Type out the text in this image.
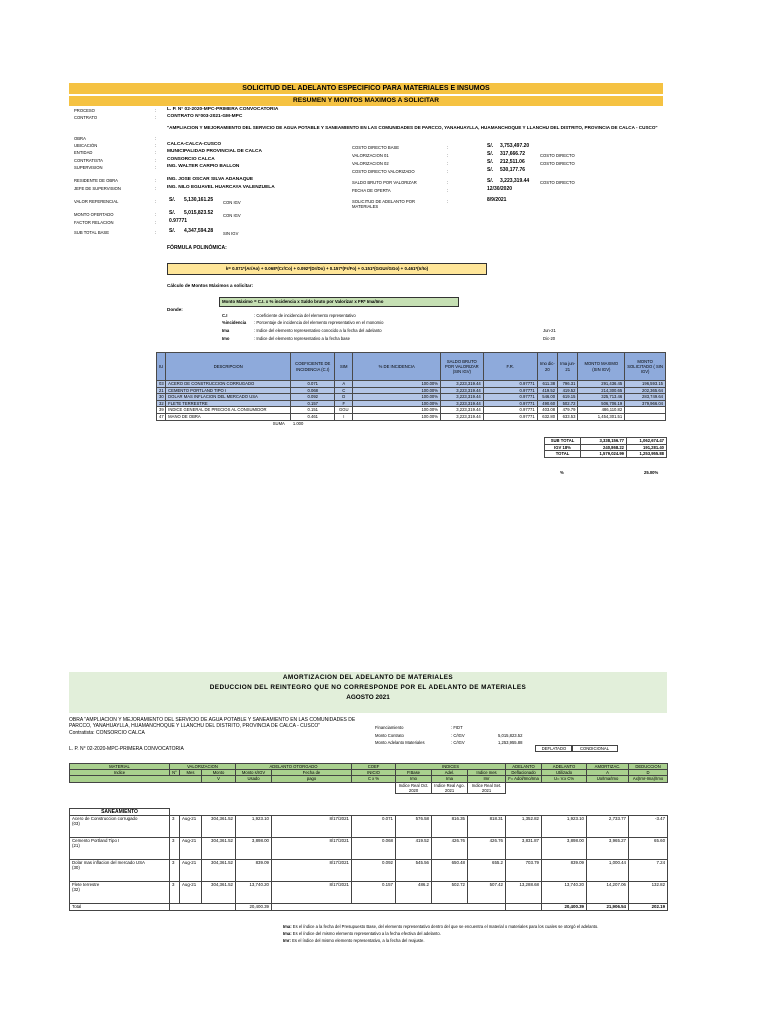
SOLICITUD DEL ADELANTO ESPECIFICO PARA MATERIALES E INSUMOS
RESUMEN Y MONTOS MAXIMOS A SOLICITAR
PROCESO	: L. P. N° 02-2020-MPC-PRIMERA CONVOCATORIA
CONTRATO	: CONTRATO N°003-2021-GM-MPC
OBRA	:
"AMPLIACION Y MEJORAMIENTO DEL SERVICIO DE AGUA POTABLE Y SANEAMIENTO EN LAS COMUNIDADES DE PARCCO, YANAHUAYLLA, HUAMANCHOQUE Y LLANCHU DEL DISTRITO, PROVINCIA DE CALCA - CUSCO"
UBICACIÓN	: CALCA-CALCA-CUSCO
ENTIDAD	: MUNICIPALIDAD PROVINCIAL DE CALCA
CONTRATISTA	: CONSORCIO CALCA
SUPERVISION	: ING. WALTER CARPIO BALLON
RESIDENTE DE OBRA	: ING. JOSE OSCAR SILVA ADANAQUE
JEFE DE SUPERVISION	: ING. NILO EGUAVEL HUARCAYA VALENZUELA
VALOR REFERENCIAL	:	S/. 5,130,161.25 CON IGV
MONTO OFERTADO	:	S/. 5,015,823.52 CON IGV
FACTOR RELACION	:	0.97771
SUB TOTAL BASE	:	S/. 4,347,594.28 SIN IGV
COSTO DIRECTO BASE	:	S/. 3,753,497.20
VALORIZACION 01	:	S/. 317,666.72	COSTO DIRECTO
VALORIZACION 02	:	S/. 212,511.06	COSTO DIRECTO
COSTO DIRECTO VALORIZADO	:	S/. 530,177.76
SALDO BRUTO POR VALORIZAR	:	S/. 3,223,319.44	COSTO DIRECTO
FECHA DE OFERTA	:	12/30/2020
SOLICITUD DE ADELANTO POR MATERIALES
:	8/9/2021
FÓRMULA POLINÓMICA:
k= 0.071*(Ar/Ao) + 0.068*(Cr/Co) + 0.092*(Dr/Do) + 0.157*(Fr/Fo) + 0.151*(GGUr/GGo) + 0.461*(Ir/Io)
Cálculo de Montos Máximos a solicitar:
Monto Máximo = C.I. x % incidencia x Saldo bruto por Valorizar x FR* Ima/Imo
Donde:
C.I	: Coeficiente de incidencia del elemento representativo
%incidencia : Porcentaje de incidencia del elemento representativo en el monomio
Ima	: Indice del elemento representativo conocido a la fecha del adelanto	Jun-21
Imo	: Indice del elemento representativo a la fecha base	Dic-20
IU	DESCRIPCION	COEFICIENTE DE INCIDENCIA (C.I)	SIM	% DE INCIDENCIA	SALDO BRUTO POR VALORIZAR (SIN IGV)	F.R.	Imo dic-20	Ima jun-21	MONTO MAXIMO (SIN IGV)	MONTO SOLICITADO ( SIN IGV)
03	ACERO DE CONSTRUCCION CORRUGADO	0.071	A	100.00%	3,223,319.44	0.97771	611.38	796.31	291,436.45	196,593.15
21	CEMENTO PORTLAND TIPO I	0.068	C	100.00%	3,223,319.44	0.97771	419.52	419.52	214,300.65	202,365.64
30	DOLAR MAS INFLACION DEL MERCADO USA	0.092	D	100.00%	3,223,319.44	0.97771	546.00	619.15	325,713.46	283,749.64
32	FLETE TERRESTRE	0.157	F	100.00%	3,223,319.44	0.97771	490.60	502.72	506,706.19	379,966.04
39	INDICE GENERAL DE PRECIOS AL CONSUMIDOR	0.151	GGU	100.00%	3,223,319.44	0.97771	403.08	479.79	486,110.82	
47	MANO DE OBRA	0.461	I	100.00%	3,223,319.44	0.97771	632.80	633.53	1,454,301.51	
	SUMA	1.000								
SUB TOTAL	3,338,156.77	1,062,674.47
IGV 18%	240,868.22	191,281.40
TOTAL	1,579,024.99	1,253,955.88
%	25.00%
AMORTIZACION DEL ADELANTO DE MATERIALES
DEDUCCION DEL REINTEGRO QUE NO CORRESPONDE POR EL ADELANTO DE MATERIALES
AGOSTO 2021
OBRA "AMPLIACION Y MEJORAMIENTO DEL SERVICIO DE AGUA POTABLE Y SANEAMIENTO EN LAS COMUNIDADES DE PARCCO, YANAHUAYLLA, HUAMANCHOQUE Y LLANCHU DEL DISTRITO, PROVINCIA DE CALCA - CUSCO"
Contratista: CONSORCIO CALCA
L. P. N° 02-2020-MPC-PRIMERA CONVOCATORIA
Financiamiento	: FIDT
Monto Contrato	: C/IGV	5,015,823.52
Monto Adelanto Materiales	: C/IGV	1,253,955.88
DEFLATADO	CONDICIONAL
MATERIAL	VALORIZACION			ADELANTO OTORGADO		COEF	INDICES			ADELANTO	ADELANTO	AMORTIZAC.	DEDUCCION
Indice	N°	Mes	Monto	Monto s/IGV	Fecha de	INICIO	P.Base	Adel.	Indice mes	Deflacionado	Utilizado	A	D
			V	Usado	pago	C x %	Imo	Ima	Imr	F= Adol/Imo/Ima	U= V.x C%	Uo/Ima/Imo	Ax(Imr-Ima)/Imo
							Indice Real Oct. 2020	Indice Real Ago. 2021	Indice Real Set. 2021				
SANEAMIENTO													

Acero de Construccion corrugado
(03)	3	Aug-21	304,361.52	1,923.10	8/17/2021	0.071	576.58	816.35	818.31	1,352.82	1,923.10	2,733.77	-3.47

Cemento Portland Tipo I
(21)	3	Aug-21	304,361.52	3,898.00	8/17/2021	0.068	419.52	426.76	426.76	3,831.87	3,898.00	3,965.27	65.60

Dolar mas inflacion del mercado USA
(30)	3	Aug-21	304,361.52	839.09	8/17/2021	0.092	545.56	650.48	655.2	703.79	839.09	1,000.44	7.24

Flete terrestre
(32)	3	Aug-21	304,361.52	13,740.20	8/17/2021	0.157	486.2	502.72	507.42	13,288.68	13,740.20	14,207.06	132.82
Total				20,400.39							20,400.39	21,906.54	202.19
Ima: Es el índice a la fecha del Presupuesto Base, del elemento representativo dentro del que se encuentra el material o materiales para los cuales se otorgó el adelanto.
Ima: Es el índice del mismo elemento representativo a la fecha efectiva del adelanto.
Imr: Es el índice del mismo elemento representativo, a la fecha del reajuste.
